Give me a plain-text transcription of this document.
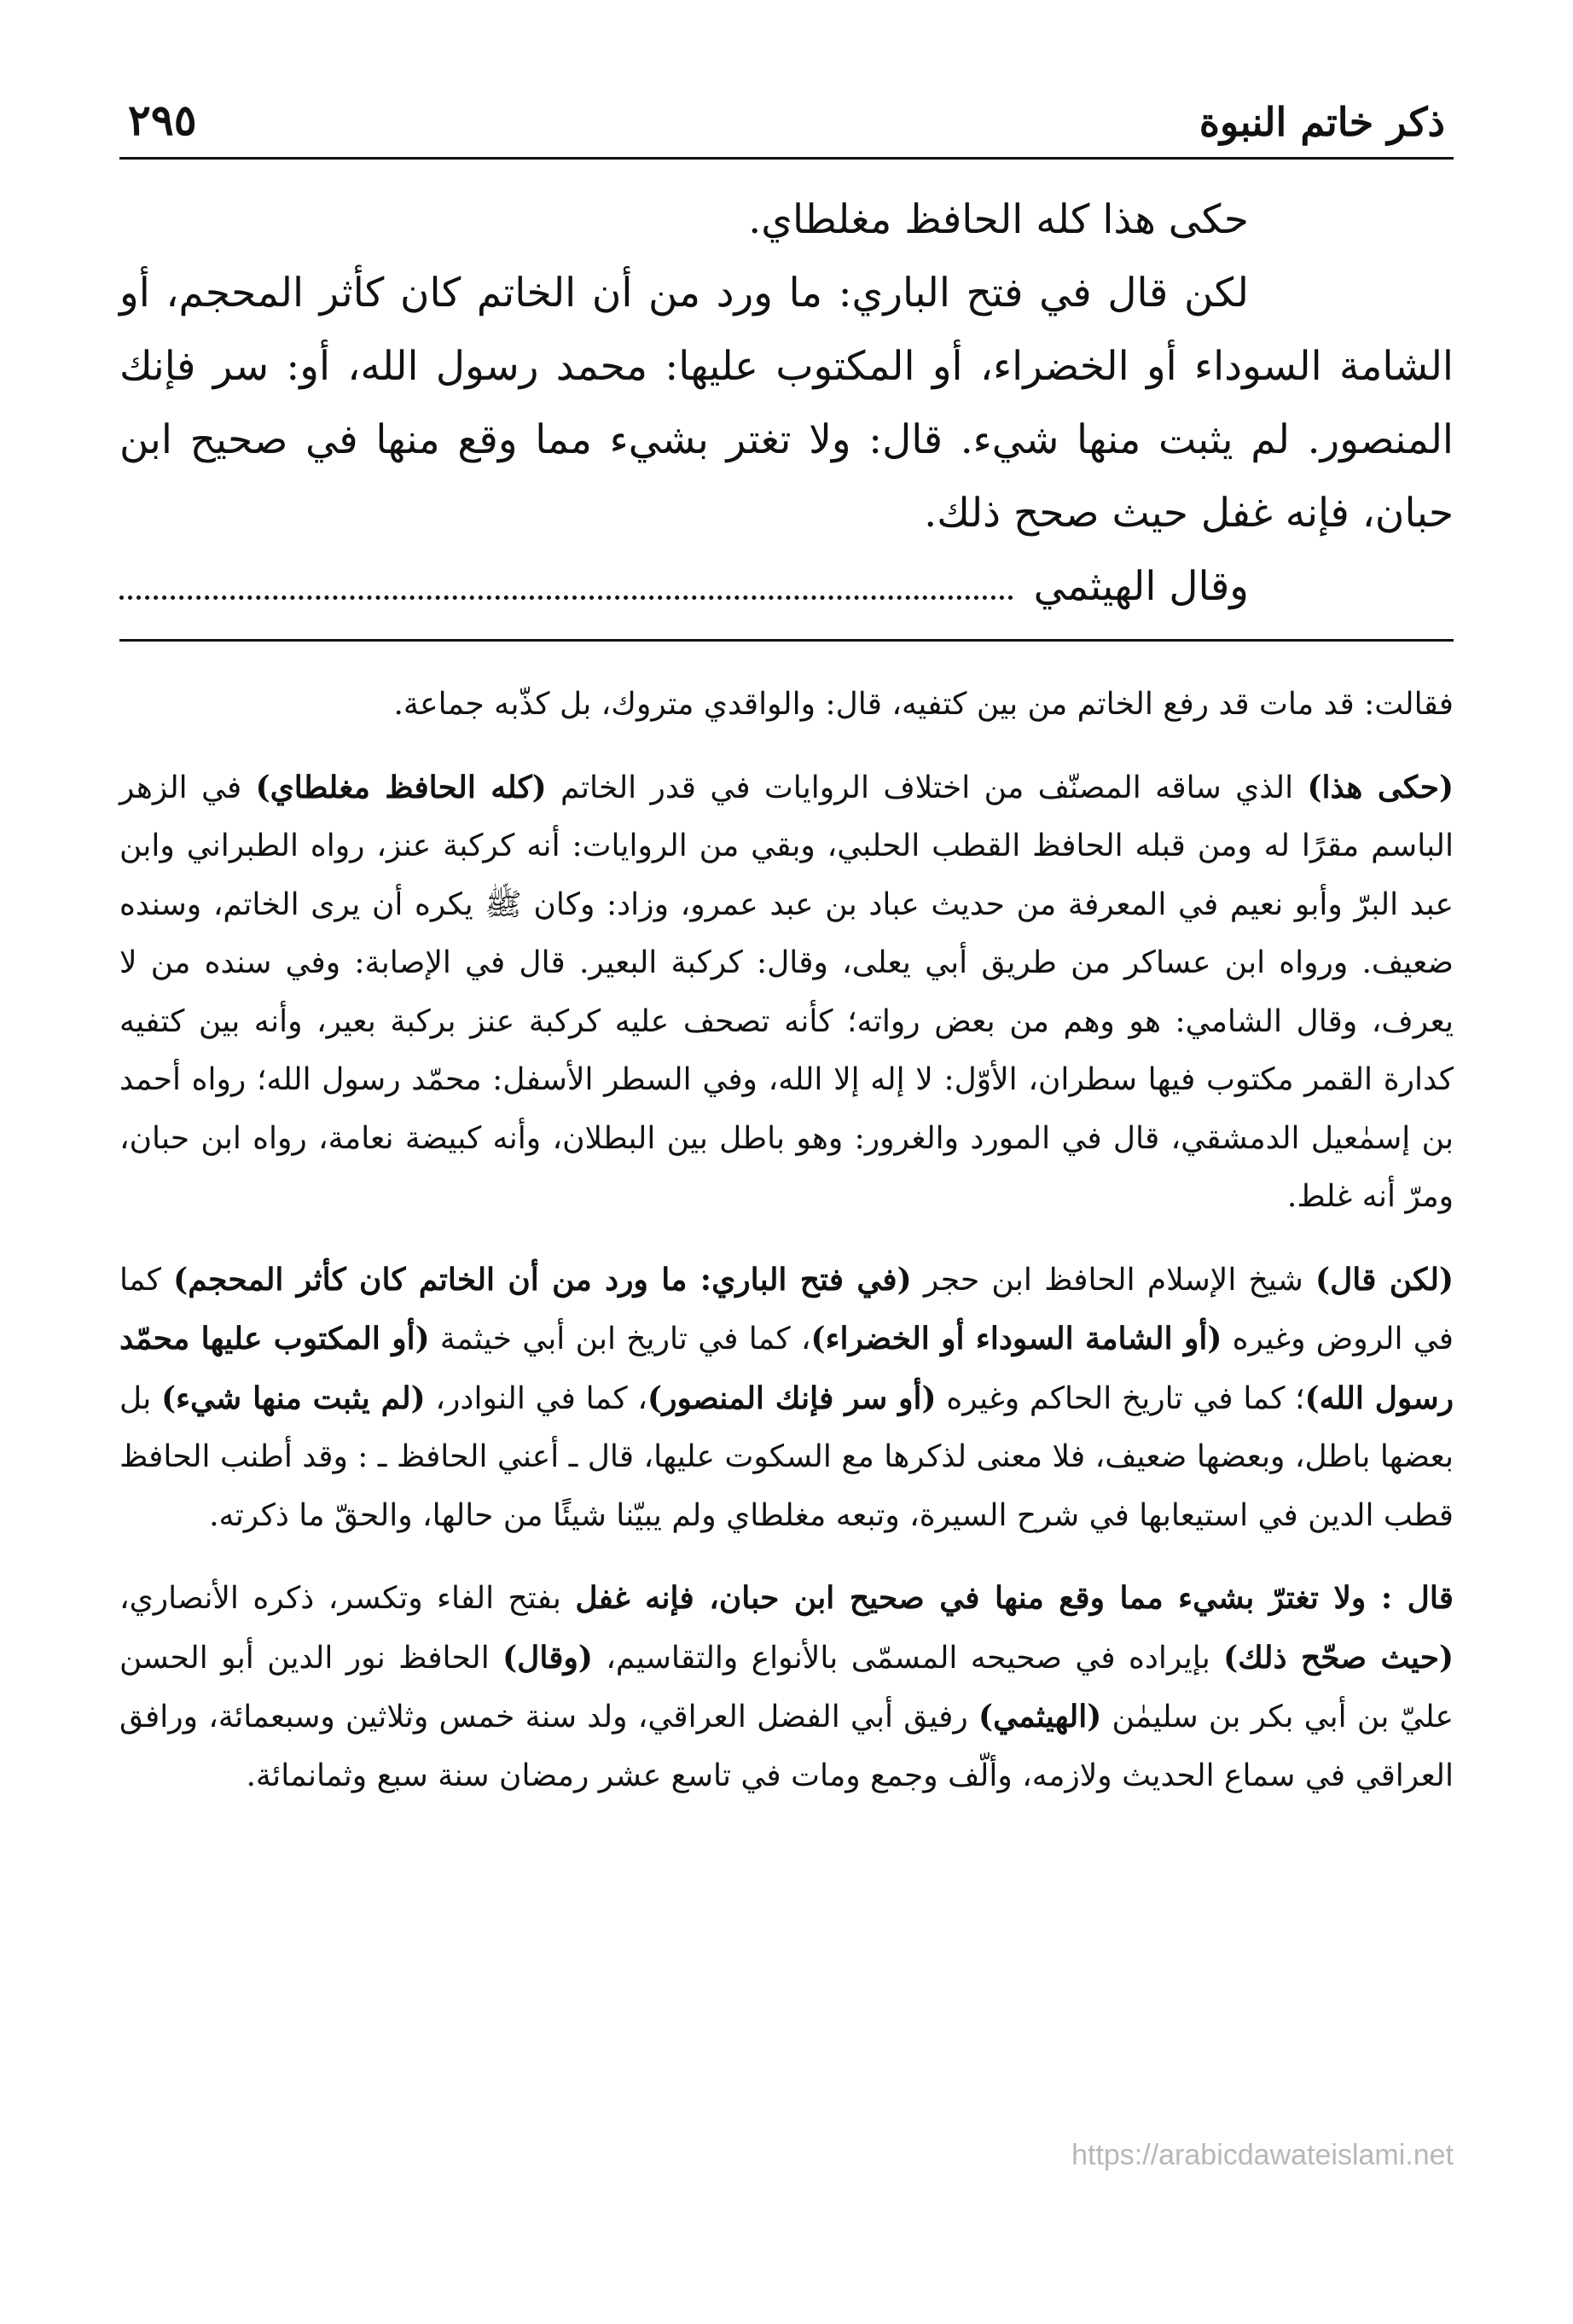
ذكر خاتم النبوة
٢٩٥

حكى هذا كله الحافظ مغلطاي.

لكن قال في فتح الباري: ما ورد من أن الخاتم كان كأثر المحجم، أو الشامة السوداء أو الخضراء، أو المكتوب عليها: محمد رسول الله، أو: سر فإنك المنصور. لم يثبت منها شيء. قال: ولا تغتر بشيء مما وقع منها في صحيح ابن حبان، فإنه غفل حيث صحح ذلك.

وقال الهيثمي

فقالت: قد مات قد رفع الخاتم من بين كتفيه، قال: والواقدي متروك، بل كذّبه جماعة.

(حكى هذا) الذي ساقه المصنّف من اختلاف الروايات في قدر الخاتم (كله الحافظ مغلطاي) في الزهر الباسم مقرًا له ومن قبله الحافظ القطب الحلبي، وبقي من الروايات: أنه كركبة عنز، رواه الطبراني وابن عبد البرّ وأبو نعيم في المعرفة من حديث عباد بن عبد عمرو، وزاد: وكان ﷺ يكره أن يرى الخاتم، وسنده ضعيف. ورواه ابن عساكر من طريق أبي يعلى، وقال: كركبة البعير. قال في الإصابة: وفي سنده من لا يعرف، وقال الشامي: هو وهم من بعض رواته؛ كأنه تصحف عليه كركبة عنز بركبة بعير، وأنه بين كتفيه كدارة القمر مكتوب فيها سطران، الأوّل: لا إله إلا الله، وفي السطر الأسفل: محمّد رسول الله؛ رواه أحمد بن إسمٰعيل الدمشقي، قال في المورد والغرور: وهو باطل بين البطلان، وأنه كبيضة نعامة، رواه ابن حبان، ومرّ أنه غلط.

(لكن قال) شيخ الإسلام الحافظ ابن حجر (في فتح الباري: ما ورد من أن الخاتم كان كأثر المحجم) كما في الروض وغيره (أو الشامة السوداء أو الخضراء)، كما في تاريخ ابن أبي خيثمة (أو المكتوب عليها محمّد رسول الله)؛ كما في تاريخ الحاكم وغيره (أو سر فإنك المنصور)، كما في النوادر، (لم يثبت منها شيء) بل بعضها باطل، وبعضها ضعيف، فلا معنى لذكرها مع السكوت عليها، قال ـ أعني الحافظ ـ : وقد أطنب الحافظ قطب الدين في استيعابها في شرح السيرة، وتبعه مغلطاي ولم يبيّنا شيئًا من حالها، والحقّ ما ذكرته.

قال : ولا تغترّ بشيء مما وقع منها في صحيح ابن حبان، فإنه غفل بفتح الفاء وتكسر، ذكره الأنصاري، (حيث صحّح ذلك) بإيراده في صحيحه المسمّى بالأنواع والتقاسيم، (وقال) الحافظ نور الدين أبو الحسن عليّ بن أبي بكر بن سليمٰن (الهيثمي) رفيق أبي الفضل العراقي، ولد سنة خمس وثلاثين وسبعمائة، ورافق العراقي في سماع الحديث ولازمه، وألّف وجمع ومات في تاسع عشر رمضان سنة سبع وثمانمائة.

https://arabicdawateislami.net
